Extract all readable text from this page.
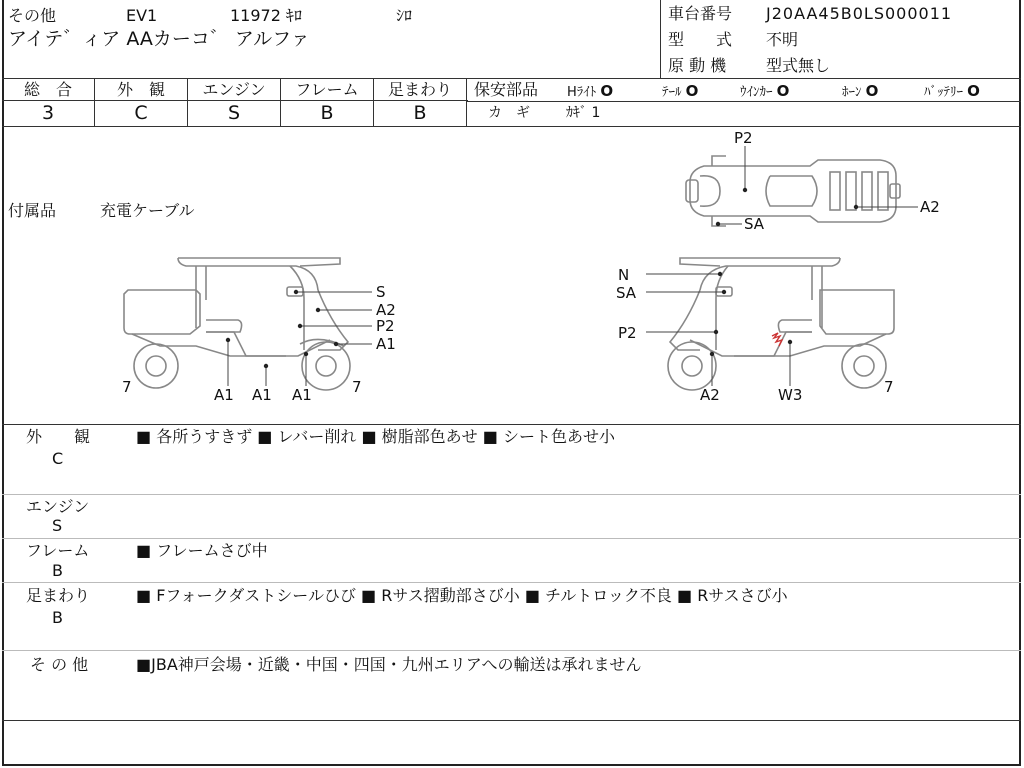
その他	EV1	11972 ｷﾛ	ｼﾛ
アイテ゛ィア AAカーコ゛ アルファ
車台番号 J20AA45B0LS000011
型　　式 不明
原 動 機 型式無し
総　合	外　観	エンジン	フレーム	足まわり
3	C	S	B	B
保安部品 Hﾗｲﾄ O	ﾃｰﾙ O	ｳｲﾝｶｰ O	ﾎｰﾝ O	ﾊﾞｯﾃﾘｰ O
カ　ギ	ｶｷﾞ 1
付属品	充電ケーブル
S
A2
P2
A1
A1 A1 A1
7	7
N
SA
P2
A2	W3	7
P2
SA
A2
外　　観
C
■ 各所うすきず ■ レバー削れ ■ 樹脂部色あせ ■ シート色あせ小
エンジン
S
フレーム
B
■ フレームさび中
足まわり
B
■ Fフォークダストシールひび ■ Rサス摺動部さび小 ■ チルトロック不良 ■ Rサスさび小
そ の 他	■JBA神戸会場・近畿・中国・四国・九州エリアへの輸送は承れません
